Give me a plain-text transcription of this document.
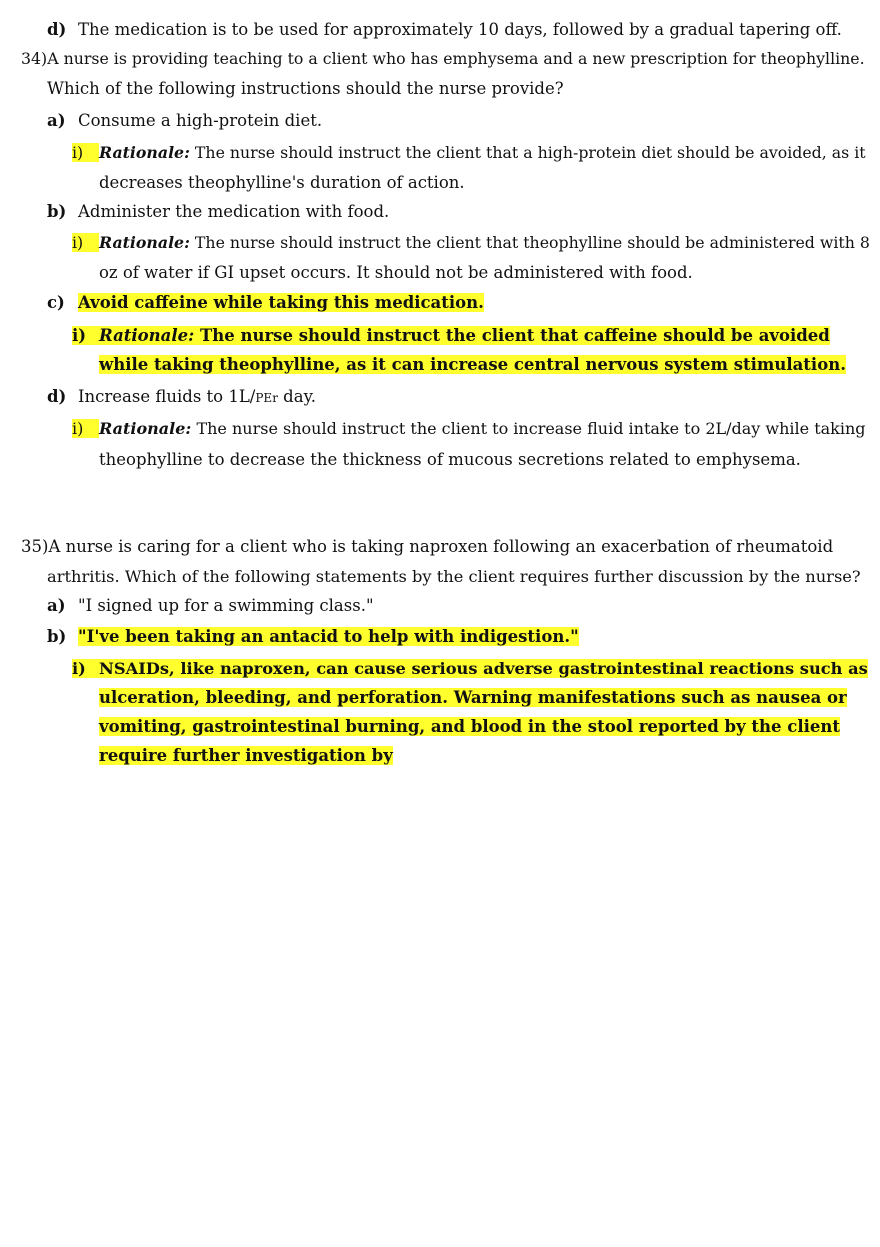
d) The medication is to be used for approximately 10 days, followed by a gradual tapering off.
34)A nurse is providing teaching to a client who has emphysema and a new prescription for theophylline.
Which of the following instructions should the nurse provide?
a) Consume a high-protein diet.
i) Rationale: The nurse should instruct the client that a high-protein diet should be avoided, as it
decreases theophylline's duration of action.
b) Administer the medication with food.
i) Rationale: The nurse should instruct the client that theophylline should be administered with 8
oz of water if GI upset occurs. It should not be administered with food.
c) Avoid caffeine while taking this medication.
i) Rationale: The nurse should instruct the client that caffeine should be avoided
while taking theophylline, as it can increase central nervous system stimulation.
d) Increase fluids to 1L/PEr day.
i) Rationale: The nurse should instruct the client to increase fluid intake to 2L/day while taking
theophylline to decrease the thickness of mucous secretions related to emphysema.
35)A nurse is caring for a client who is taking naproxen following an exacerbation of rheumatoid
arthritis. Which of the following statements by the client requires further discussion by the nurse?
a) "I signed up for a swimming class."
b) "I've been taking an antacid to help with indigestion."
i) NSAIDs, like naproxen, can cause serious adverse gastrointestinal reactions such as
ulceration, bleeding, and perforation. Warning manifestations such as nausea or
vomiting, gastrointestinal burning, and blood in the stool reported by the client
require further investigation by
